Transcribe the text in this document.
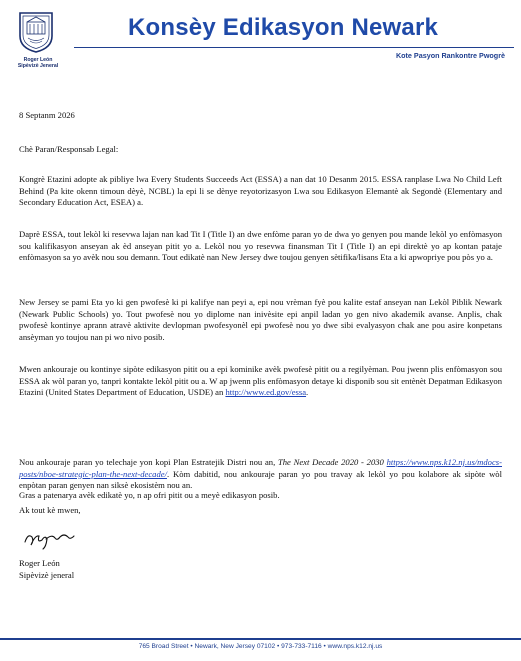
Roger León
Sipèvizè Jeneral
Konsèy Edikasyon Newark
Kote Pasyon Rankontre Pwogrè
8 Septanm 2026
Chè Paran/Responsab Legal:

Kongrè Etazini adopte ak pibliye lwa Every Students Succeeds Act (ESSA) a nan dat 10 Desanm 2015. ESSA ranplase Lwa No Child Left Behind (Pa kite okenn timoun dèyè, NCBL) la epi li se dènye reyotorizasyon Lwa sou Edikasyon Elemantè ak Segondè (Elementary and Secondary Education Act, ESEA) a.

Daprè ESSA, tout lekòl ki resevwa lajan nan kad Tit I (Title I) an dwe enfòme paran yo de dwa yo genyen pou mande lekòl yo enfòmasyon sou kalifikasyon anseyan ak èd anseyan pitit yo a. Lekòl nou yo resevwa finansman Tit I (Title I) an epi direktè yo ap kontan pataje enfòmasyon sa yo avèk nou sou demann. Tout edikatè nan New Jersey dwe toujou genyen sètifika/lisans Eta a ki apwopriye pou pòs yo a.

New Jersey se pami Eta yo ki gen pwofesè ki pi kalifye nan peyi a, epi nou vrèman fyè pou kalite estaf anseyan nan Lekòl Piblik Newark (Newark Public Schools) yo. Tout pwofesè nou yo diplome nan inivèsite epi anpil ladan yo gen nivo akademik avanse. Anplis, chak pwofesè kontinye aprann atravè aktivite devlopman pwofesyonèl epi pwofesè nou yo dwe sibi evalyasyon chak ane pou asire konpetans ansèyman yo toujou nan pi wo nivo posib.

Mwen ankouraje ou kontinye sipòte edikasyon pitit ou a epi kominike avèk pwofesè pitit ou a regilyèman. Pou jwenn plis enfòmasyon sou ESSA ak wòl paran yo, tanpri kontakte lekòl pitit ou a. W ap jwenn plis enfòmasyon detaye ki disponib sou sit entènèt Depatman Edikasyon Etazini (United States Department of Education, USDE) an http://www.ed.gov/essa.

Nou ankouraje paran yo telechaje yon kopi Plan Estratejik Distri nou an, The Next Decade 2020 - 2030 https://www.nps.k12.nj.us/mdocs-posts/nboe-strategic-plan-the-next-decade/. Kòm dabitid, nou ankouraje paran yo pou travay ak lekòl yo pou kolabore ak sipòte wòl enpòtan paran genyen nan siksè ekosistèm nou an.

Gras a patenarya avèk edikatè yo, n ap ofri pitit ou a meyè edikasyon posib.

Ak tout kè mwen,
Roger León
Sipèvizè jeneral
765 Broad Street • Newark, New Jersey 07102 • 973-733-7116 • www.nps.k12.nj.us
